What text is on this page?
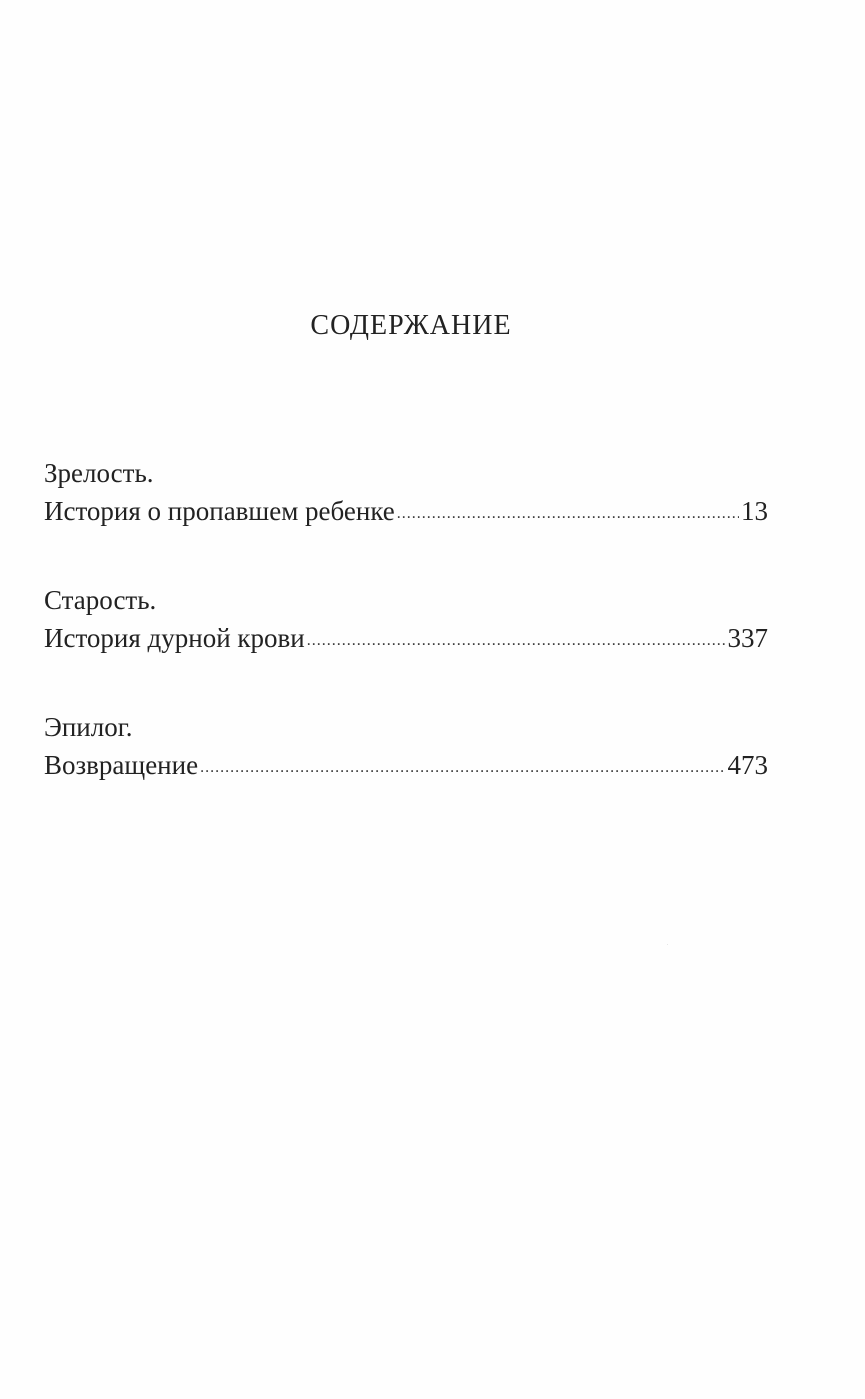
СОДЕРЖАНИЕ
Зрелость.
История о пропавшем ребенке .....	13
Старость.
История дурной крови .....	337
Эпилог.
Возвращение .....	473
